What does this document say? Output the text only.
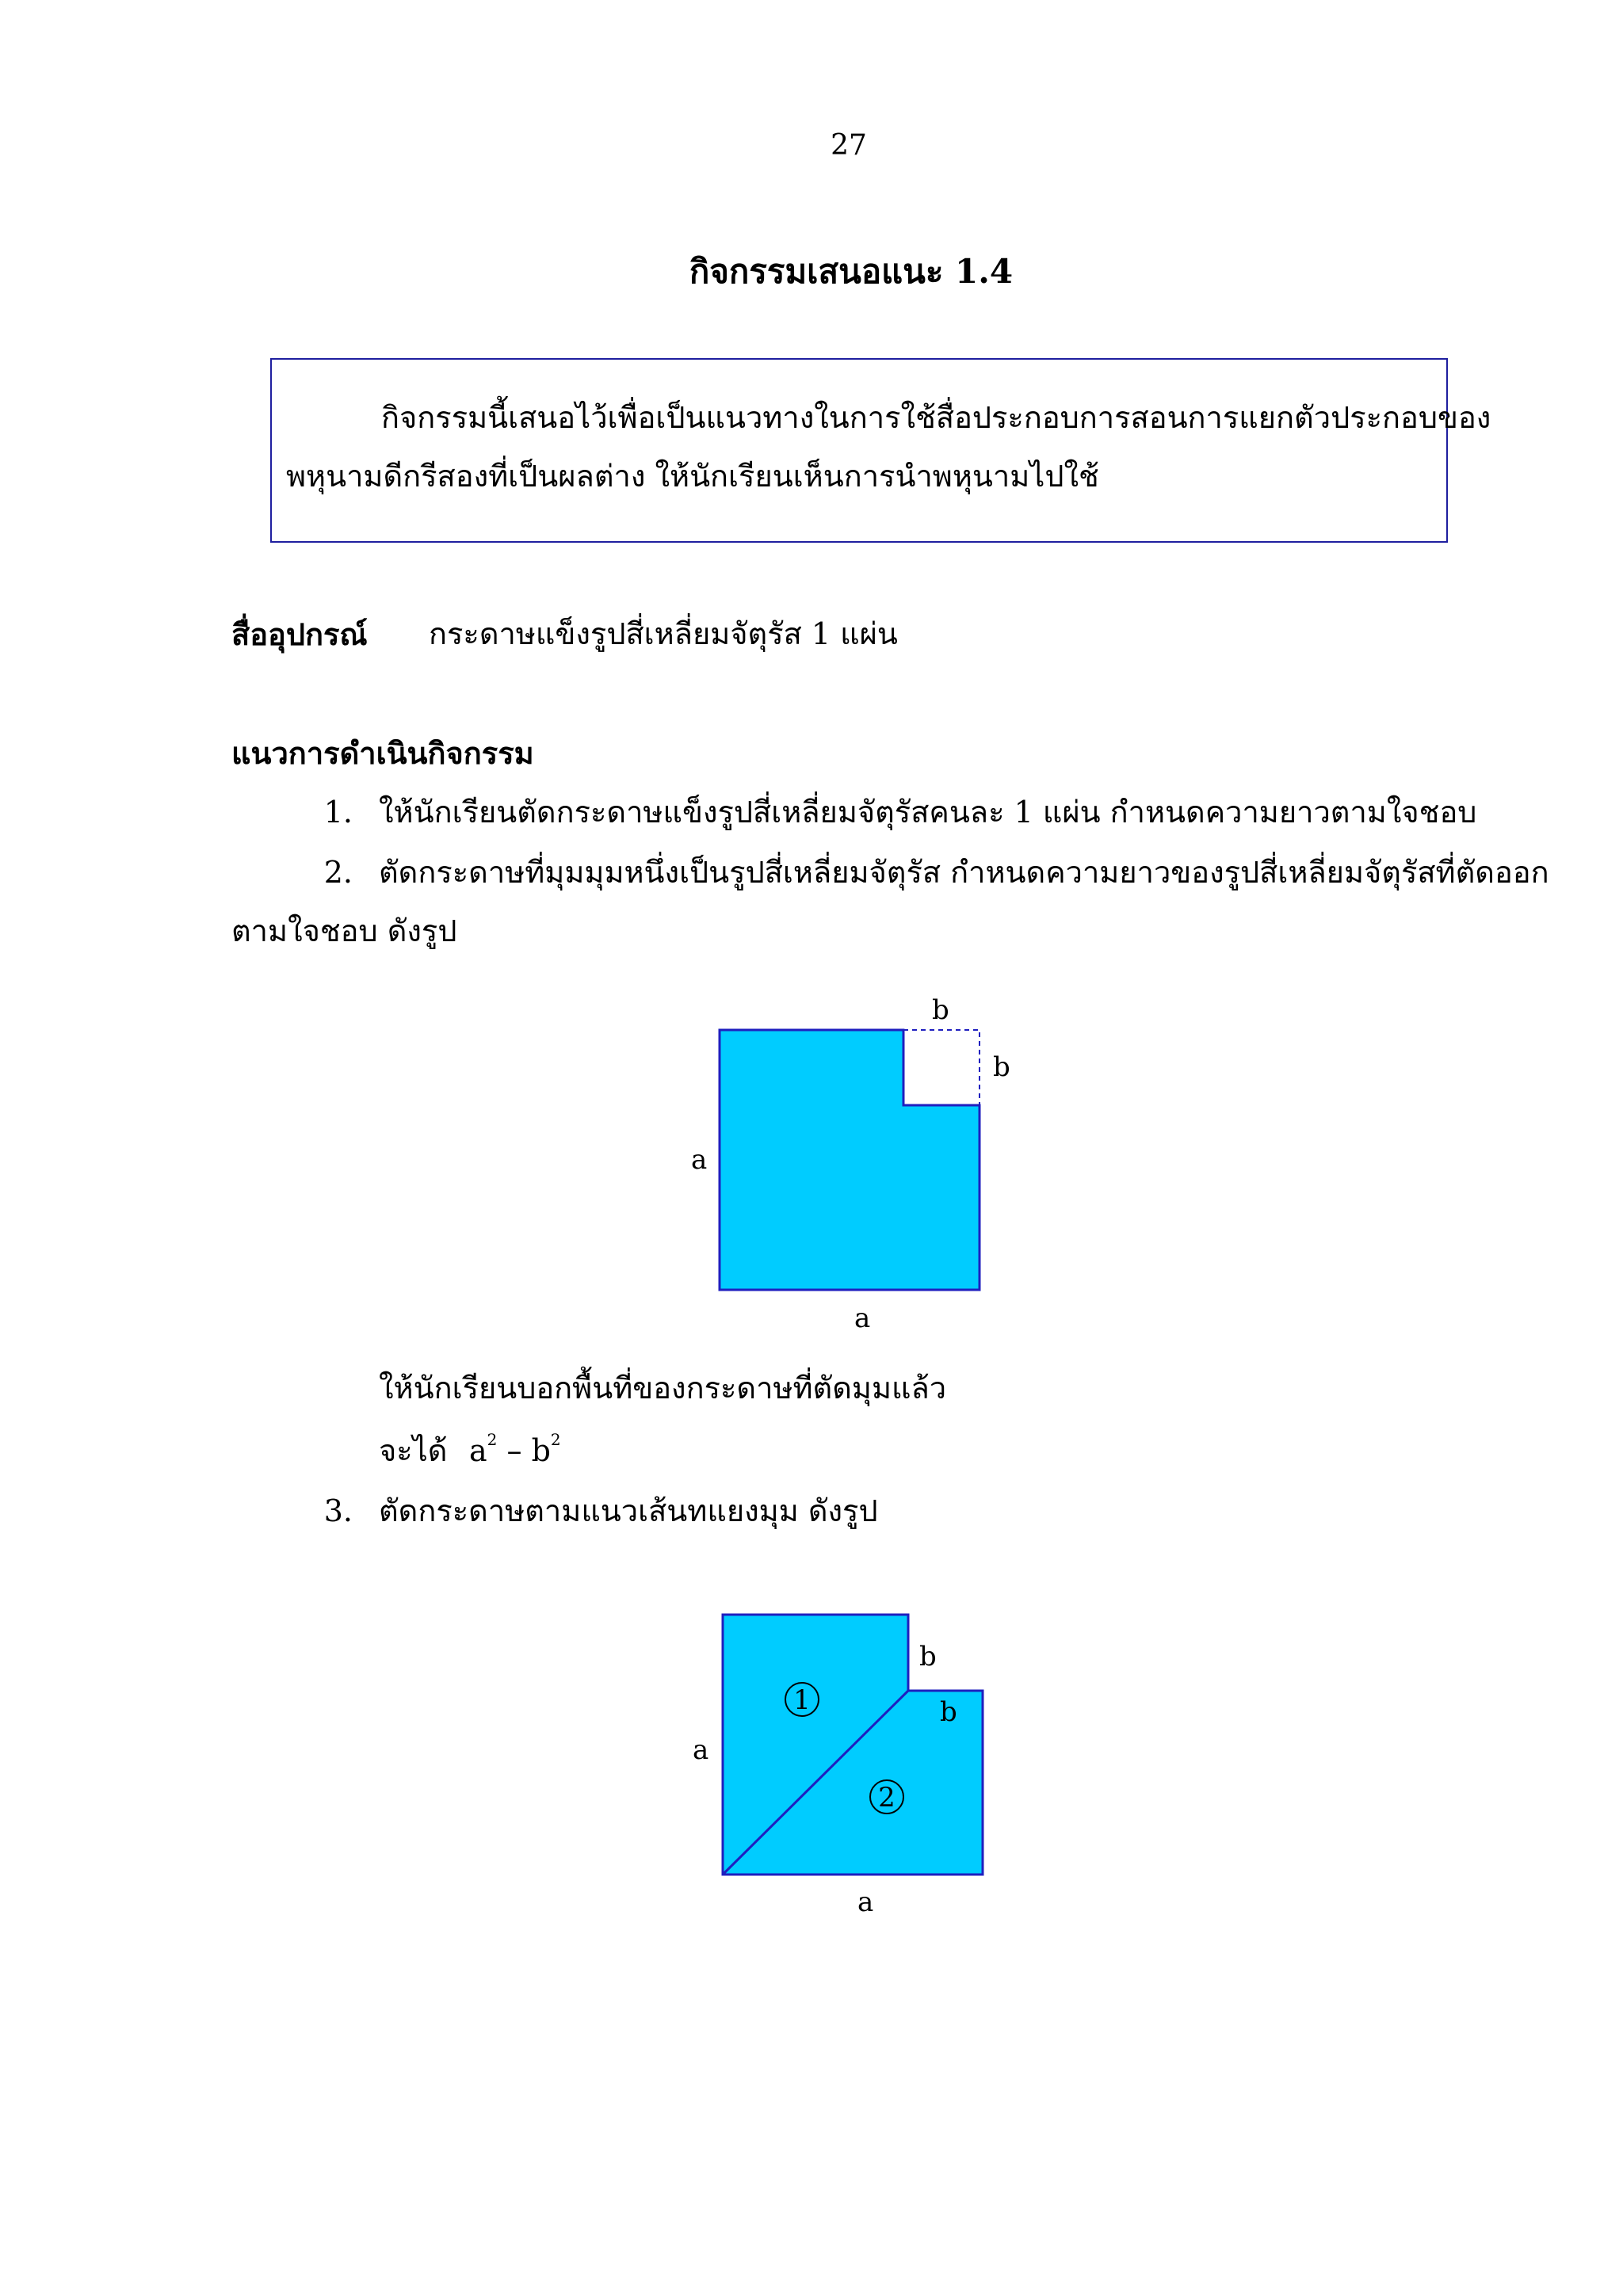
27
กิจกรรมเสนอแนะ 1.4
กิจกรรมนี้เสนอไว้เพื่อเป็นแนวทางในการใช้สื่อประกอบการสอนการแยกตัวประกอบของ
พหุนามดีกรีสองที่เป็นผลต่าง ให้นักเรียนเห็นการนำพหุนามไปใช้
สื่ออุปกรณ์ กระดาษแข็งรูปสี่เหลี่ยมจัตุรัส 1 แผ่น
แนวการดำเนินกิจกรรม
1. ให้นักเรียนตัดกระดาษแข็งรูปสี่เหลี่ยมจัตุรัสคนละ 1 แผ่น กำหนดความยาวตามใจชอบ
2. ตัดกระดาษที่มุมมุมหนึ่งเป็นรูปสี่เหลี่ยมจัตุรัส กำหนดความยาวของรูปสี่เหลี่ยมจัตุรัสที่ตัดออก
ตามใจชอบ ดังรูป
b
b
a
a
ให้นักเรียนบอกพื้นที่ของกระดาษที่ตัดมุมแล้ว
จะได้ $a^2 - b^2$
3. ตัดกระดาษตามแนวเส้นทแยงมุม ดังรูป
1
2
b
b
a
a
